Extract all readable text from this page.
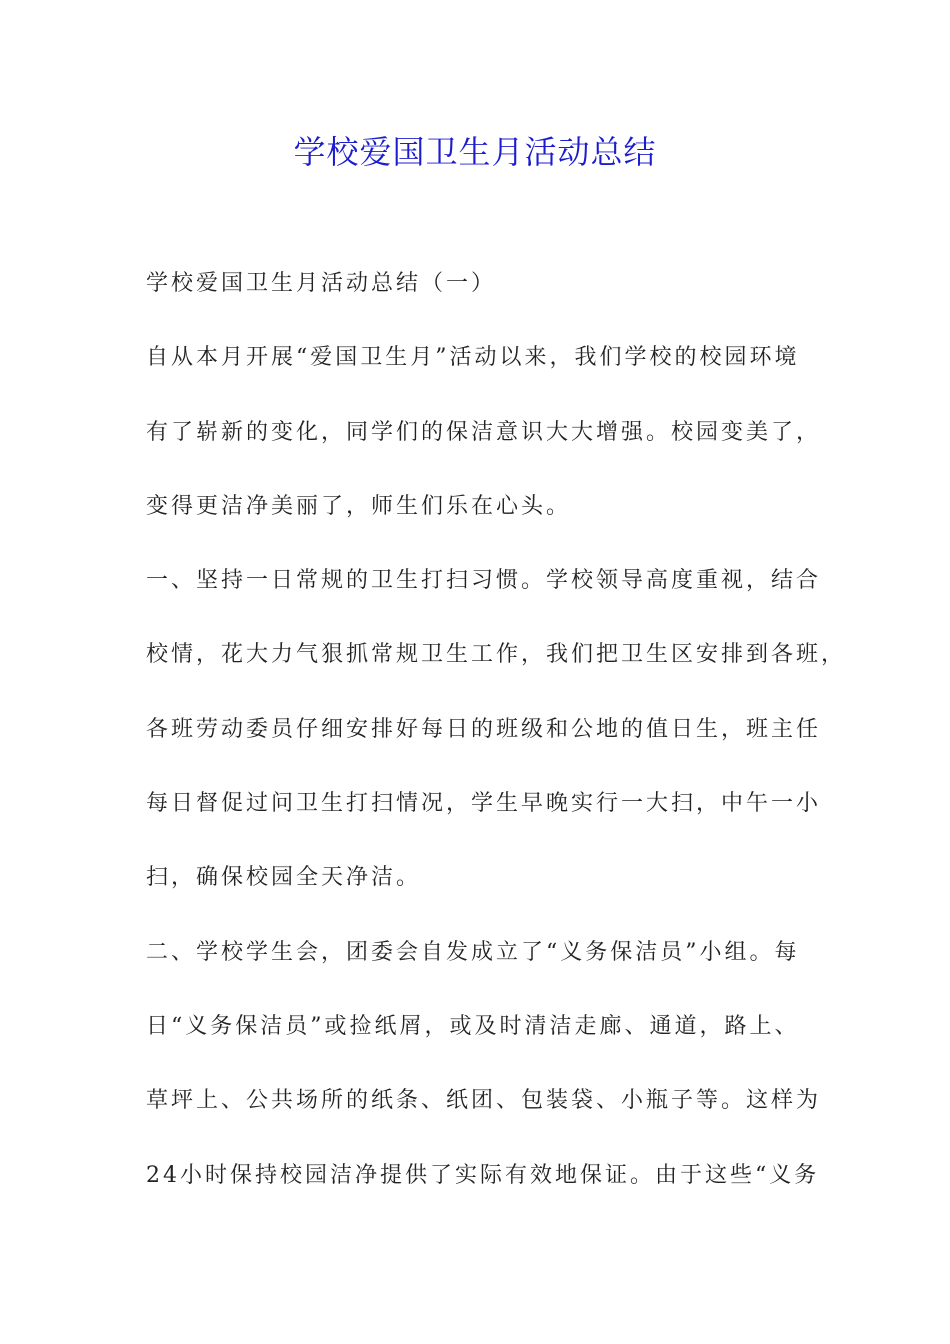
学校爱国卫生月活动总结
学校爱国卫生月活动总结（一）
自从本月开展“爱国卫生月”活动以来，我们学校的校园环境
有了崭新的变化，同学们的保洁意识大大增强。校园变美了，
变得更洁净美丽了，师生们乐在心头。
一、坚持一日常规的卫生打扫习惯。学校领导高度重视，结合
校情，花大力气狠抓常规卫生工作，我们把卫生区安排到各班，
各班劳动委员仔细安排好每日的班级和公地的值日生，班主任
每日督促过问卫生打扫情况，学生早晚实行一大扫，中午一小
扫，确保校园全天净洁。
二、学校学生会，团委会自发成立了“义务保洁员”小组。每
日“义务保洁员”或捡纸屑，或及时清洁走廊、通道，路上、
草坪上、公共场所的纸条、纸团、包装袋、小瓶子等。这样为
24小时保持校园洁净提供了实际有效地保证。由于这些“义务
